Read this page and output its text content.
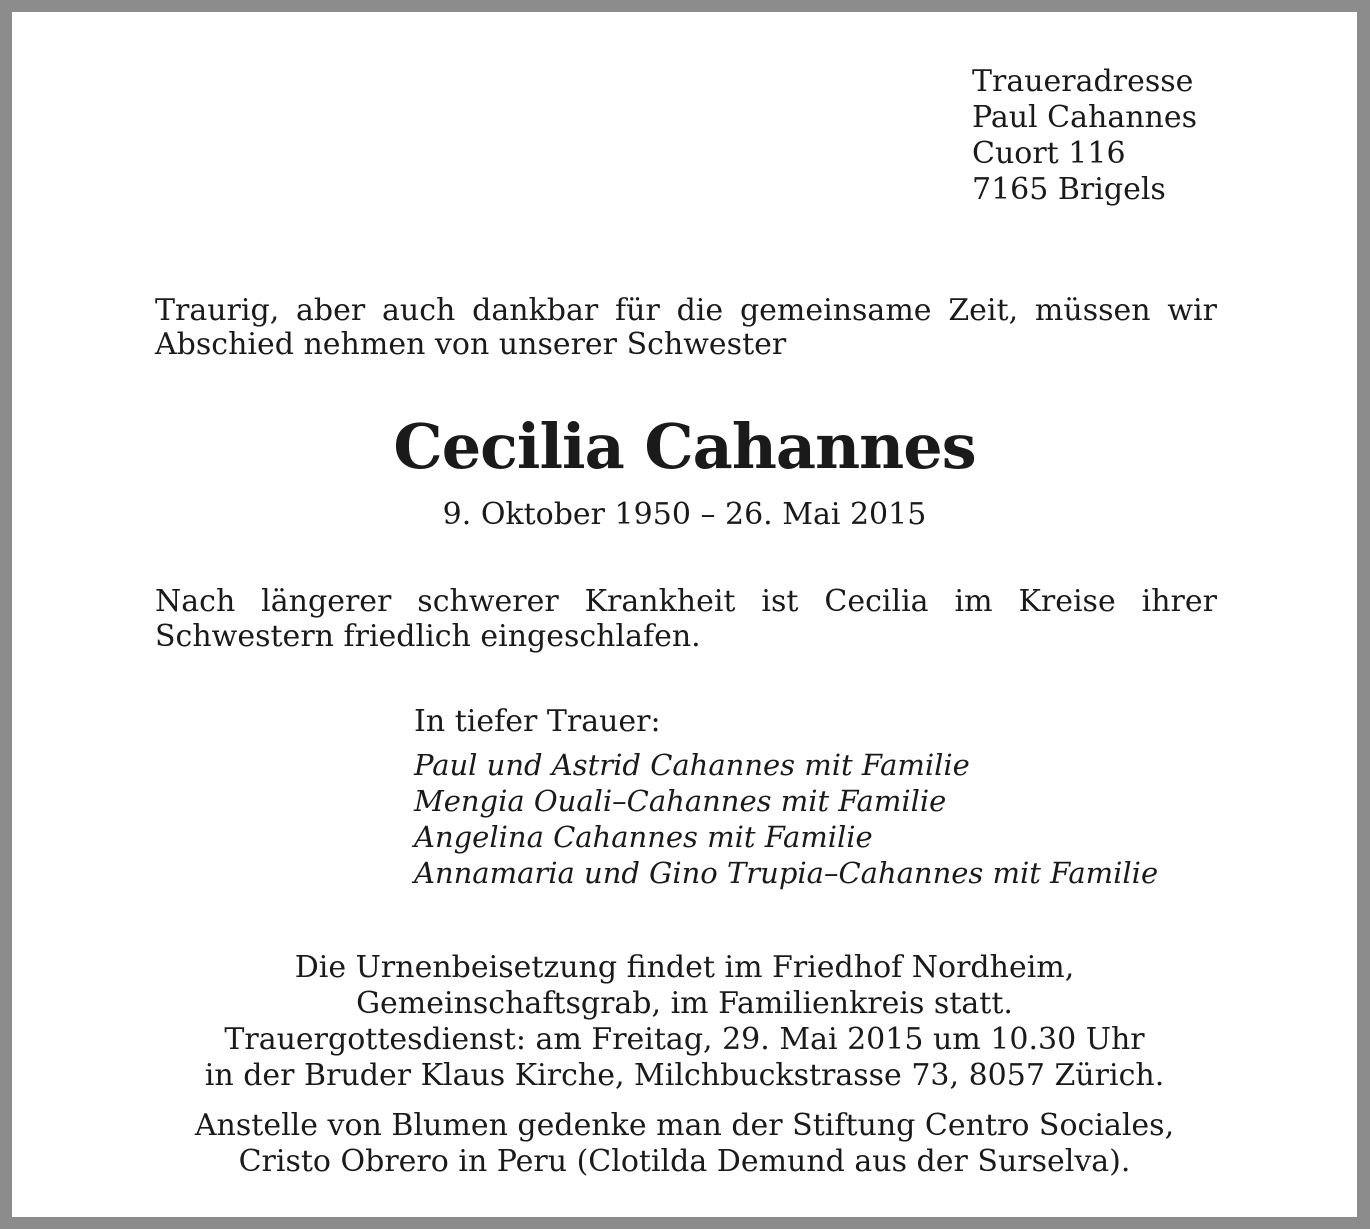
Traueradresse
Paul Cahannes
Cuort 116
7165 Brigels
Traurig, aber auch dankbar für die gemeinsame Zeit, müssen wir
Abschied nehmen von unserer Schwester
Cecilia Cahannes
9. Oktober 1950 – 26. Mai 2015
Nach längerer schwerer Krankheit ist Cecilia im Kreise ihrer
Schwestern friedlich eingeschlafen.
In tiefer Trauer:
Paul und Astrid Cahannes mit Familie
Mengia Ouali–Cahannes mit Familie
Angelina Cahannes mit Familie
Annamaria und Gino Trupia–Cahannes mit Familie
Die Urnenbeisetzung findet im Friedhof Nordheim,
Gemeinschaftsgrab, im Familienkreis statt.
Trauergottesdienst: am Freitag, 29. Mai 2015 um 10.30 Uhr
in der Bruder Klaus Kirche, Milchbuckstrasse 73, 8057 Zürich.
Anstelle von Blumen gedenke man der Stiftung Centro Sociales,
Cristo Obrero in Peru (Clotilda Demund aus der Surselva).
